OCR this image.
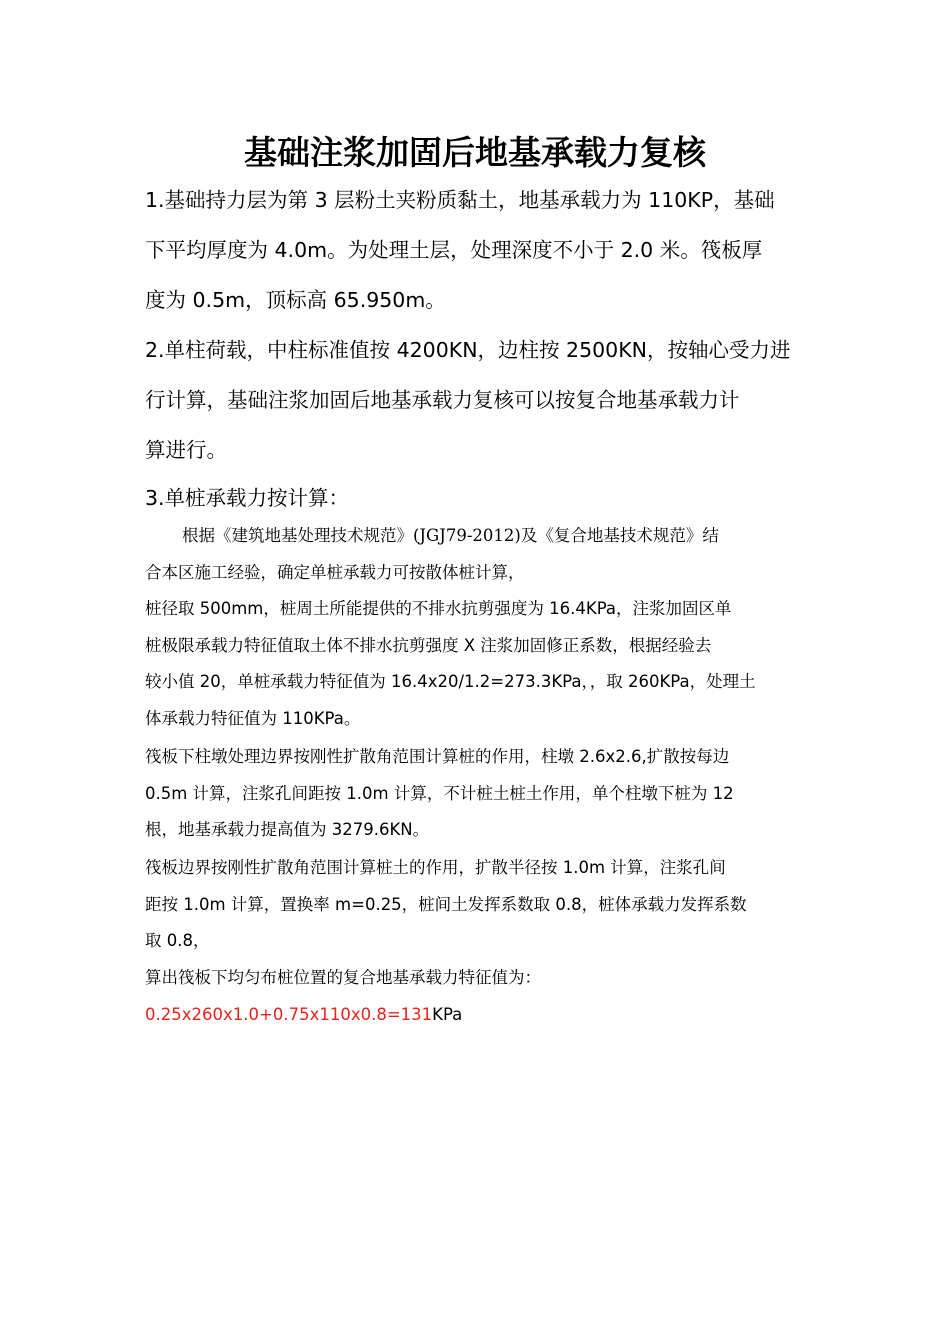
基础注浆加固后地基承载力复核
1.基础持力层为第 3 层粉土夹粉质黏土，地基承载力为 110KP，基础
下平均厚度为 4.0m。为处理土层，处理深度不小于 2.0 米。筏板厚
度为 0.5m，顶标高 65.950m。
2.单柱荷载，中柱标准值按 4200KN，边柱按 2500KN，按轴心受力进
行计算，基础注浆加固后地基承载力复核可以按复合地基承载力计
算进行。
3.单桩承载力按计算：
根据《建筑地基处理技术规范》(JGJ79-2012)及《复合地基技术规范》结
合本区施工经验，确定单桩承载力可按散体桩计算，
桩径取 500mm，桩周土所能提供的不排水抗剪强度为 16.4KPa，注浆加固区单
桩极限承载力特征值取土体不排水抗剪强度 X 注浆加固修正系数，根据经验去
较小值 20，单桩承载力特征值为 16.4x20/1.2=273.3KPa，，取 260KPa，处理土
体承载力特征值为 110KPa。
筏板下柱墩处理边界按刚性扩散角范围计算桩的作用，柱墩 2.6x2.6,扩散按每边
0.5m 计算，注浆孔间距按 1.0m 计算，不计桩土桩土作用，单个柱墩下桩为 12
根，地基承载力提高值为 3279.6KN。
筏板边界按刚性扩散角范围计算桩土的作用，扩散半径按 1.0m 计算，注浆孔间
距按 1.0m 计算，置换率 m=0.25，桩间土发挥系数取 0.8，桩体承载力发挥系数
取 0.8，
算出筏板下均匀布桩位置的复合地基承载力特征值为：
0.25x260x1.0+0.75x110x0.8=131KPa
